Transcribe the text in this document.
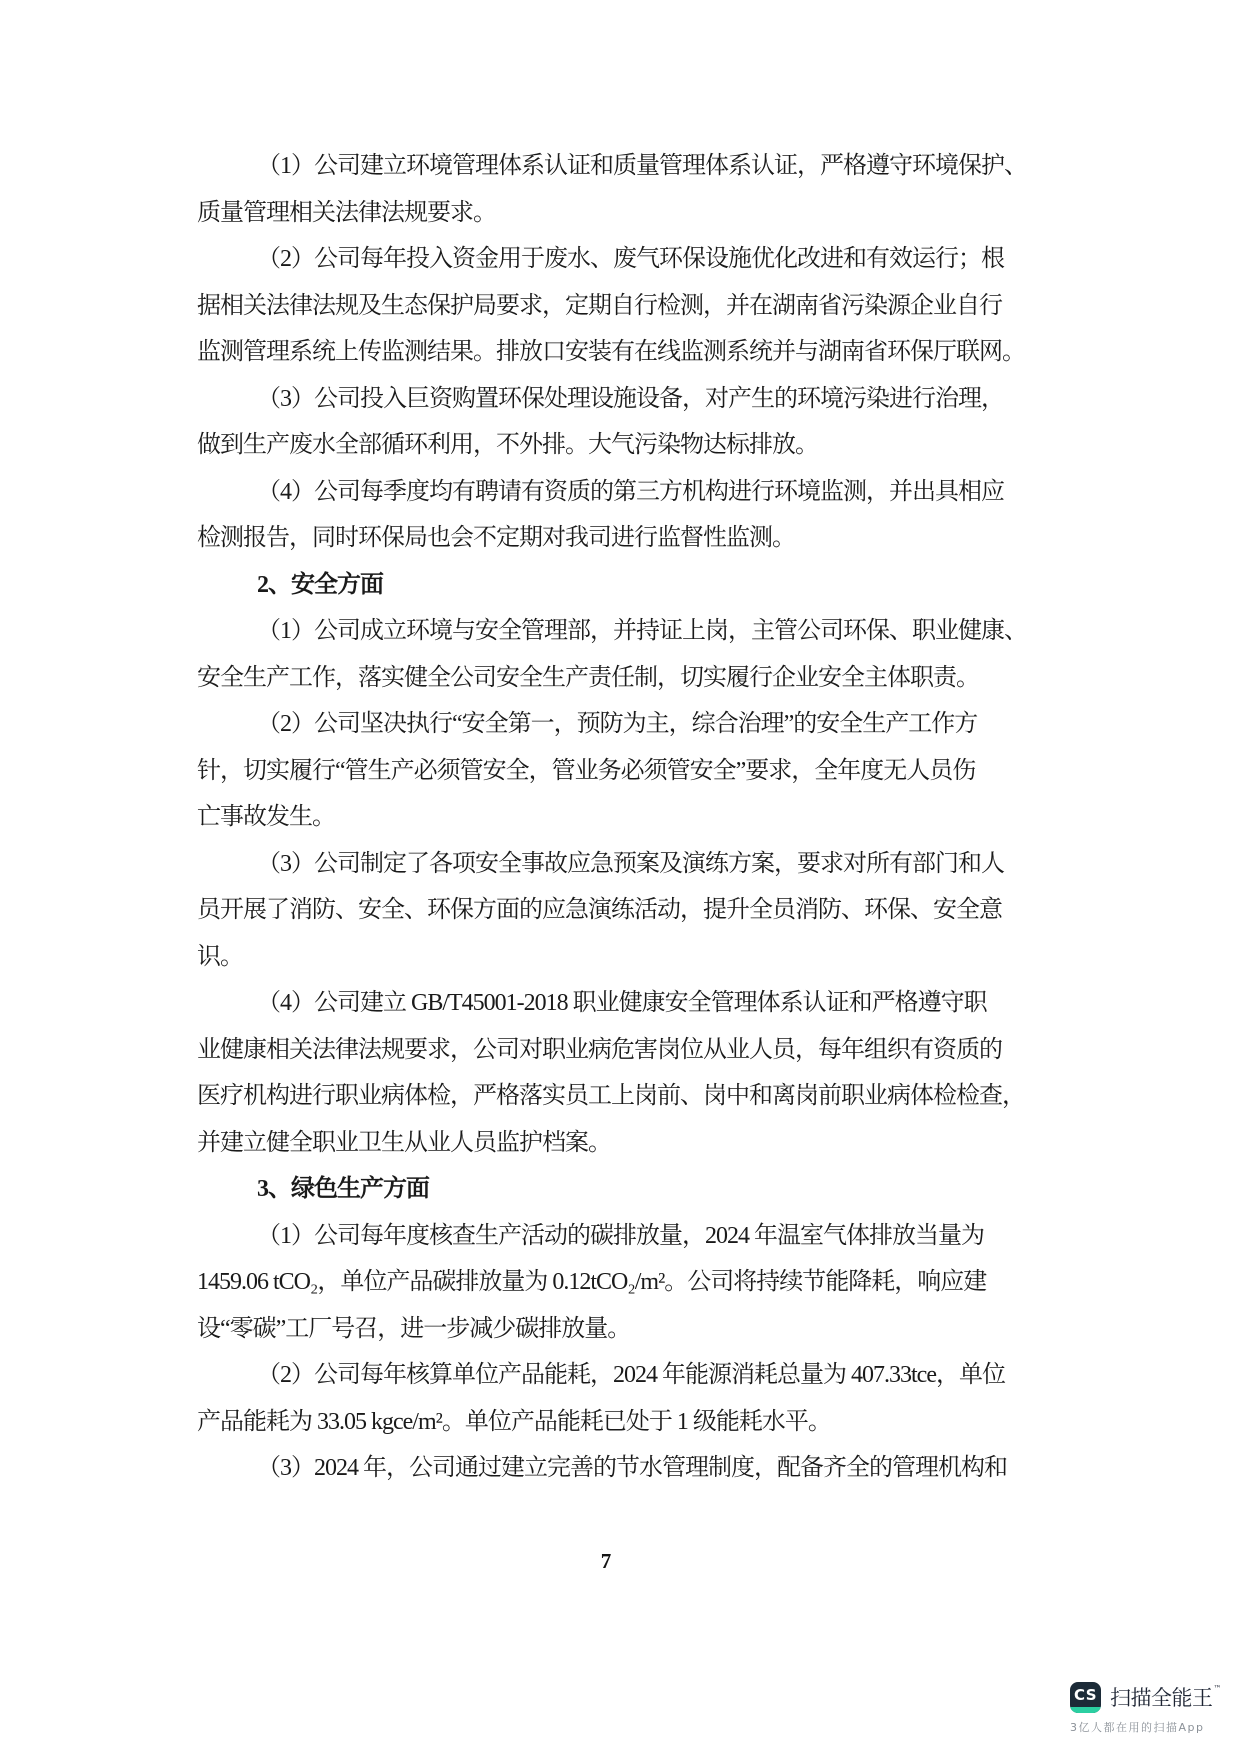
（1）公司建立环境管理体系认证和质量管理体系认证，严格遵守环境保护、
质量管理相关法律法规要求。
（2）公司每年投入资金用于废水、废气环保设施优化改进和有效运行；根
据相关法律法规及生态保护局要求，定期自行检测，并在湖南省污染源企业自行
监测管理系统上传监测结果。排放口安装有在线监测系统并与湖南省环保厅联网。
（3）公司投入巨资购置环保处理设施设备，对产生的环境污染进行治理，
做到生产废水全部循环利用，不外排。大气污染物达标排放。
（4）公司每季度均有聘请有资质的第三方机构进行环境监测，并出具相应
检测报告，同时环保局也会不定期对我司进行监督性监测。
2、安全方面
（1）公司成立环境与安全管理部，并持证上岗，主管公司环保、职业健康、
安全生产工作，落实健全公司安全生产责任制，切实履行企业安全主体职责。
（2）公司坚决执行“安全第一，预防为主，综合治理”的安全生产工作方
针，切实履行“管生产必须管安全，管业务必须管安全”要求，全年度无人员伤
亡事故发生。
（3）公司制定了各项安全事故应急预案及演练方案，要求对所有部门和人
员开展了消防、安全、环保方面的应急演练活动，提升全员消防、环保、安全意
识。
（4）公司建立 GB/T45001-2018 职业健康安全管理体系认证和严格遵守职
业健康相关法律法规要求，公司对职业病危害岗位从业人员，每年组织有资质的
医疗机构进行职业病体检，严格落实员工上岗前、岗中和离岗前职业病体检检查，
并建立健全职业卫生从业人员监护档案。
3、绿色生产方面
（1）公司每年度核查生产活动的碳排放量，2024 年温室气体排放当量为
1459.06 tCO₂，单位产品碳排放量为 0.12tCO₂/m²。公司将持续节能降耗，响应建
设“零碳”工厂号召，进一步减少碳排放量。
（2）公司每年核算单位产品能耗，2024 年能源消耗总量为 407.33tce，单位
产品能耗为 33.05 kgce/m²。单位产品能耗已处于 1 级能耗水平。
（3）2024 年，公司通过建立完善的节水管理制度，配备齐全的管理机构和
7
CS 扫描全能王 ™
3亿人都在用的扫描App
